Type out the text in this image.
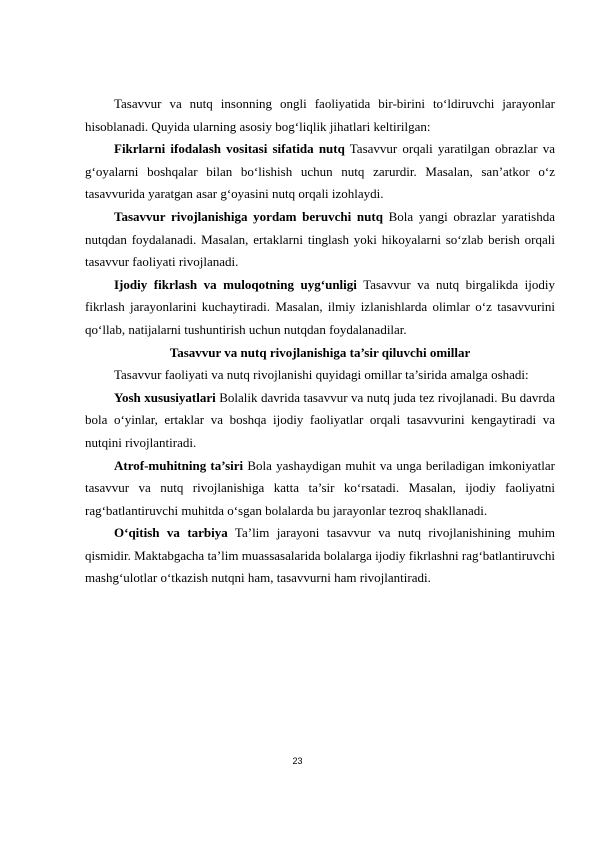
Tasavvur va nutq insonning ongli faoliyatida bir-birini to‘ldiruvchi jarayonlar hisoblanadi. Quyida ularning asosiy bog‘liqlik jihatlari keltirilgan:

Fikrlarni ifodalash vositasi sifatida nutq Tasavvur orqali yaratilgan obrazlar va g‘oyalarni boshqalar bilan bo‘lishish uchun nutq zarurdir. Masalan, san’atkor o‘z tasavvurida yaratgan asar g‘oyasini nutq orqali izohlaydi.

Tasavvur rivojlanishiga yordam beruvchi nutq Bola yangi obrazlar yaratishda nutqdan foydalanadi. Masalan, ertaklarni tinglash yoki hikoyalarni so‘zlab berish orqali tasavvur faoliyati rivojlanadi.

Ijodiy fikrlash va muloqotning uyg‘unligi Tasavvur va nutq birgalikda ijodiy fikrlash jarayonlarini kuchaytiradi. Masalan, ilmiy izlanishlarda olimlar o‘z tasavvurini qo‘llab, natijalarni tushuntirish uchun nutqdan foydalanadilar.

Tasavvur va nutq rivojlanishiga ta’sir qiluvchi omillar

Tasavvur faoliyati va nutq rivojlanishi quyidagi omillar ta’sirida amalga oshadi:

Yosh xususiyatlari Bolalik davrida tasavvur va nutq juda tez rivojlanadi. Bu davrda bola o‘yinlar, ertaklar va boshqa ijodiy faoliyatlar orqali tasavvurini kengaytiradi va nutqini rivojlantiradi.

Atrof-muhitning ta’siri Bola yashaydigan muhit va unga beriladigan imkoniyatlar tasavvur va nutq rivojlanishiga katta ta’sir ko‘rsatadi. Masalan, ijodiy faoliyatni rag‘batlantiruvchi muhitda o‘sgan bolalarda bu jarayonlar tezroq shakllanadi.

O‘qitish va tarbiya Ta’lim jarayoni tasavvur va nutq rivojlanishining muhim qismidir. Maktabgacha ta’lim muassasalarida bolalarga ijodiy fikrlashni rag‘batlantiruvchi mashg‘ulotlar o‘tkazish nutqni ham, tasavvurni ham rivojlantiradi.

23
